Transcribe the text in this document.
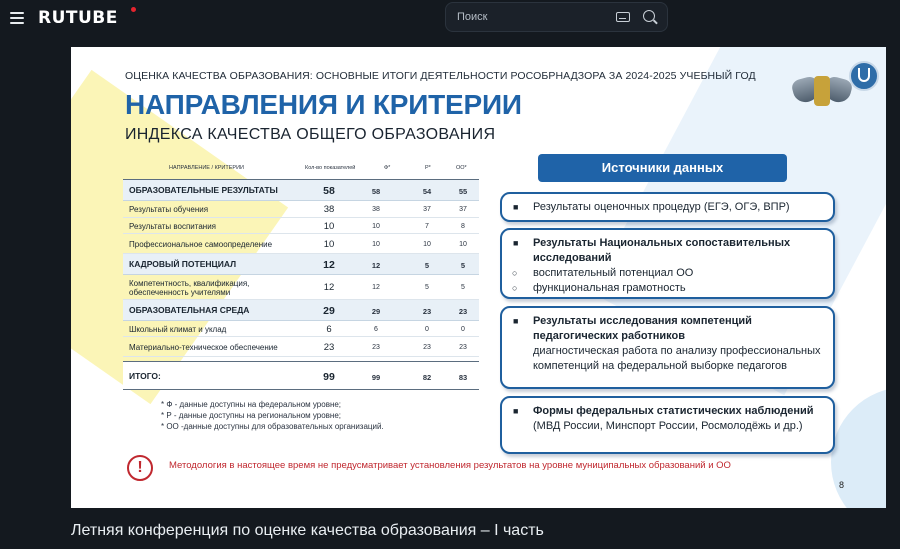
RUTUBE	Поиск
ОЦЕНКА КАЧЕСТВА ОБРАЗОВАНИЯ: ОСНОВНЫЕ ИТОГИ ДЕЯТЕЛЬНОСТИ РОСОБРНАДЗОРА ЗА 2024-2025 УЧЕБНЫЙ ГОД
НАПРАВЛЕНИЯ И КРИТЕРИИ
ИНДЕКСА КАЧЕСТВА ОБЩЕГО ОБРАЗОВАНИЯ
НАПРАВЛЕНИЕ / КРИТЕРИИ	Кол-во показателей	Ф*	Р*	ОО*
ОБРАЗОВАТЕЛЬНЫЕ РЕЗУЛЬТАТЫ	58	58	54	55
Результаты обучения	38	38	37	37
Результаты воспитания	10	10	7	8
Профессиональное самоопределение	10	10	10	10
КАДРОВЫЙ ПОТЕНЦИАЛ	12	12	5	5
Компетентность, квалификация, обеспеченность учителями	12	12	5	5
ОБРАЗОВАТЕЛЬНАЯ СРЕДА	29	29	23	23
Школьный климат и уклад	6	6	0	0
Материально-техническое обеспечение	23	23	23	23
ИТОГО:	99	99	82	83
* Ф - данные доступны на федеральном уровне;
* Р - данные доступны на региональном уровне;
* ОО -данные доступны для образовательных организаций.
!	Методология в настоящее время не предусматривает установления результатов на уровне муниципальных образований и ОО
8
Источники данных
■ Результаты оценочных процедур (ЕГЭ, ОГЭ, ВПР)
■ Результаты Национальных сопоставительных исследований
○ воспитательный потенциал ОО
○ функциональная грамотность
■ Результаты исследования компетенций педагогических работников
диагностическая работа по анализу профессиональных компетенций на федеральной выборке педагогов
■ Формы федеральных статистических наблюдений
(МВД России, Минспорт России, Росмолодёжь и др.)
Летняя конференция по оценке качества образования – I часть
